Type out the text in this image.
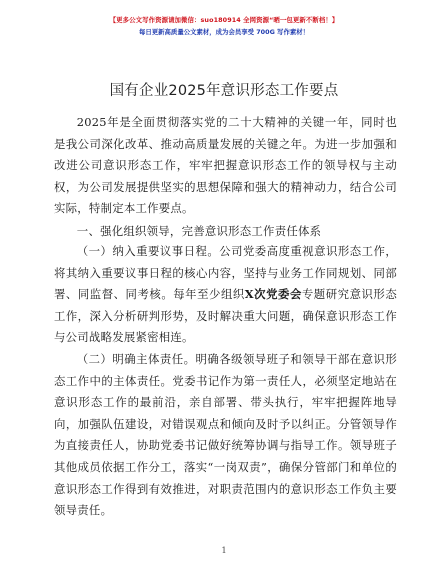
【更多公文写作资源请加微信：suo180914 全网资源“晒一包更新不断档！】
每日更新高质量公文素材，成为会员享受 700G 写作素材！
国有企业2025年意识形态工作要点

2025年是全面贯彻落实党的二十大精神的关键一年，同时也是我公司深化改革、推动高质量发展的关键之年。为进一步加强和改进公司意识形态工作，牢牢把握意识形态工作的领导权与主动权，为公司发展提供坚实的思想保障和强大的精神动力，结合公司实际，特制定本工作要点。

一、强化组织领导，完善意识形态工作责任体系

（一）纳入重要议事日程。公司党委高度重视意识形态工作，将其纳入重要议事日程的核心内容，坚持与业务工作同规划、同部署、同监督、同考核。每年至少组织X次党委会专题研究意识形态工作，深入分析研判形势，及时解决重大问题，确保意识形态工作与公司战略发展紧密相连。

（二）明确主体责任。明确各级领导班子和领导干部在意识形态工作中的主体责任。党委书记作为第一责任人，必须坚定地站在意识形态工作的最前沿，亲自部署、带头执行，牢牢把握阵地导向，加强队伍建设，对错误观点和倾向及时予以纠正。分管领导作为直接责任人，协助党委书记做好统筹协调与指导工作。领导班子其他成员依据工作分工，落实“一岗双责”，确保分管部门和单位的意识形态工作得到有效推进，对职责范围内的意识形态工作负主要领导责任。

1
